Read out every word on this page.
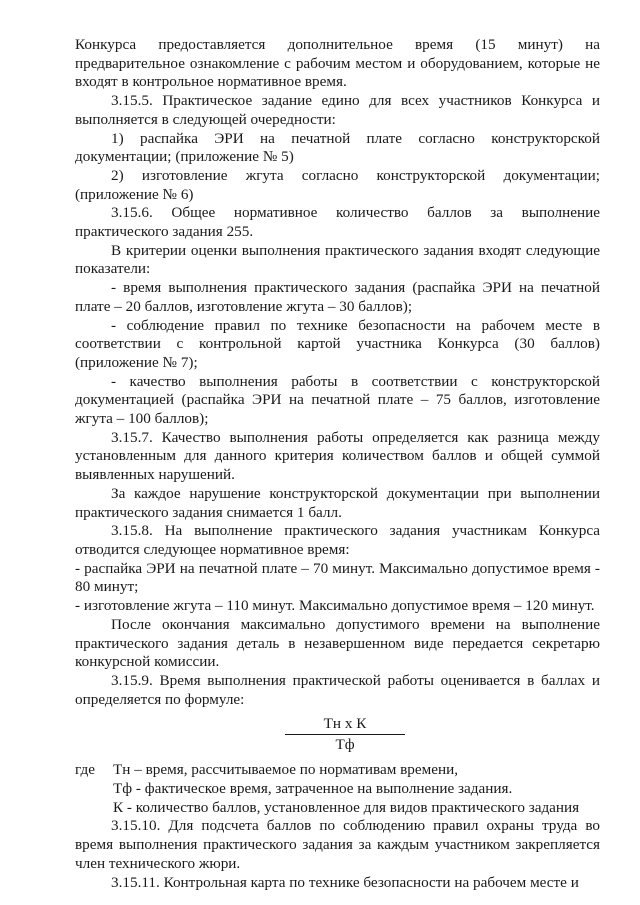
Конкурса предоставляется дополнительное время (15 минут) на предварительное ознакомление с рабочим местом и оборудованием, которые не входят в контрольное нормативное время.

3.15.5. Практическое задание едино для всех участников Конкурса и выполняется в следующей очередности:

1) распайка ЭРИ на печатной плате согласно конструкторской документации; (приложение № 5)

2) изготовление жгута согласно конструкторской документации; (приложение № 6)

3.15.6. Общее нормативное количество баллов за выполнение практического задания 255.

В критерии оценки выполнения практического задания входят следующие показатели:

- время выполнения практического задания (распайка ЭРИ на печатной плате – 20 баллов, изготовление жгута – 30 баллов);

- соблюдение правил по технике безопасности на рабочем месте в соответствии с контрольной картой участника Конкурса (30 баллов) (приложение № 7);

- качество выполнения работы в соответствии с конструкторской документацией (распайка ЭРИ на печатной плате – 75 баллов, изготовление жгута – 100 баллов);

3.15.7. Качество выполнения работы определяется как разница между установленным для данного критерия количеством баллов и общей суммой выявленных нарушений.

За каждое нарушение конструкторской документации при выполнении практического задания снимается 1 балл.

3.15.8. На выполнение практического задания участникам Конкурса отводится следующее нормативное время:

- распайка ЭРИ на печатной плате – 70 минут. Максимально допустимое время - 80 минут;

- изготовление жгута – 110 минут. Максимально допустимое время – 120 минут.

После окончания максимально допустимого времени на выполнение практического задания деталь в незавершенном виде передается секретарю конкурсной комиссии.

3.15.9. Время выполнения практической работы оценивается в баллах и определяется по формуле:

Тн x К
Тф
где Тн – время, рассчитываемое по нормативам времени,

Тф - фактическое время, затраченное на выполнение задания.

К - количество баллов, установленное для видов практического задания

3.15.10. Для подсчета баллов по соблюдению правил охраны труда во время выполнения практического задания за каждым участником закрепляется член технического жюри.

3.15.11. Контрольная карта по технике безопасности на рабочем месте и
